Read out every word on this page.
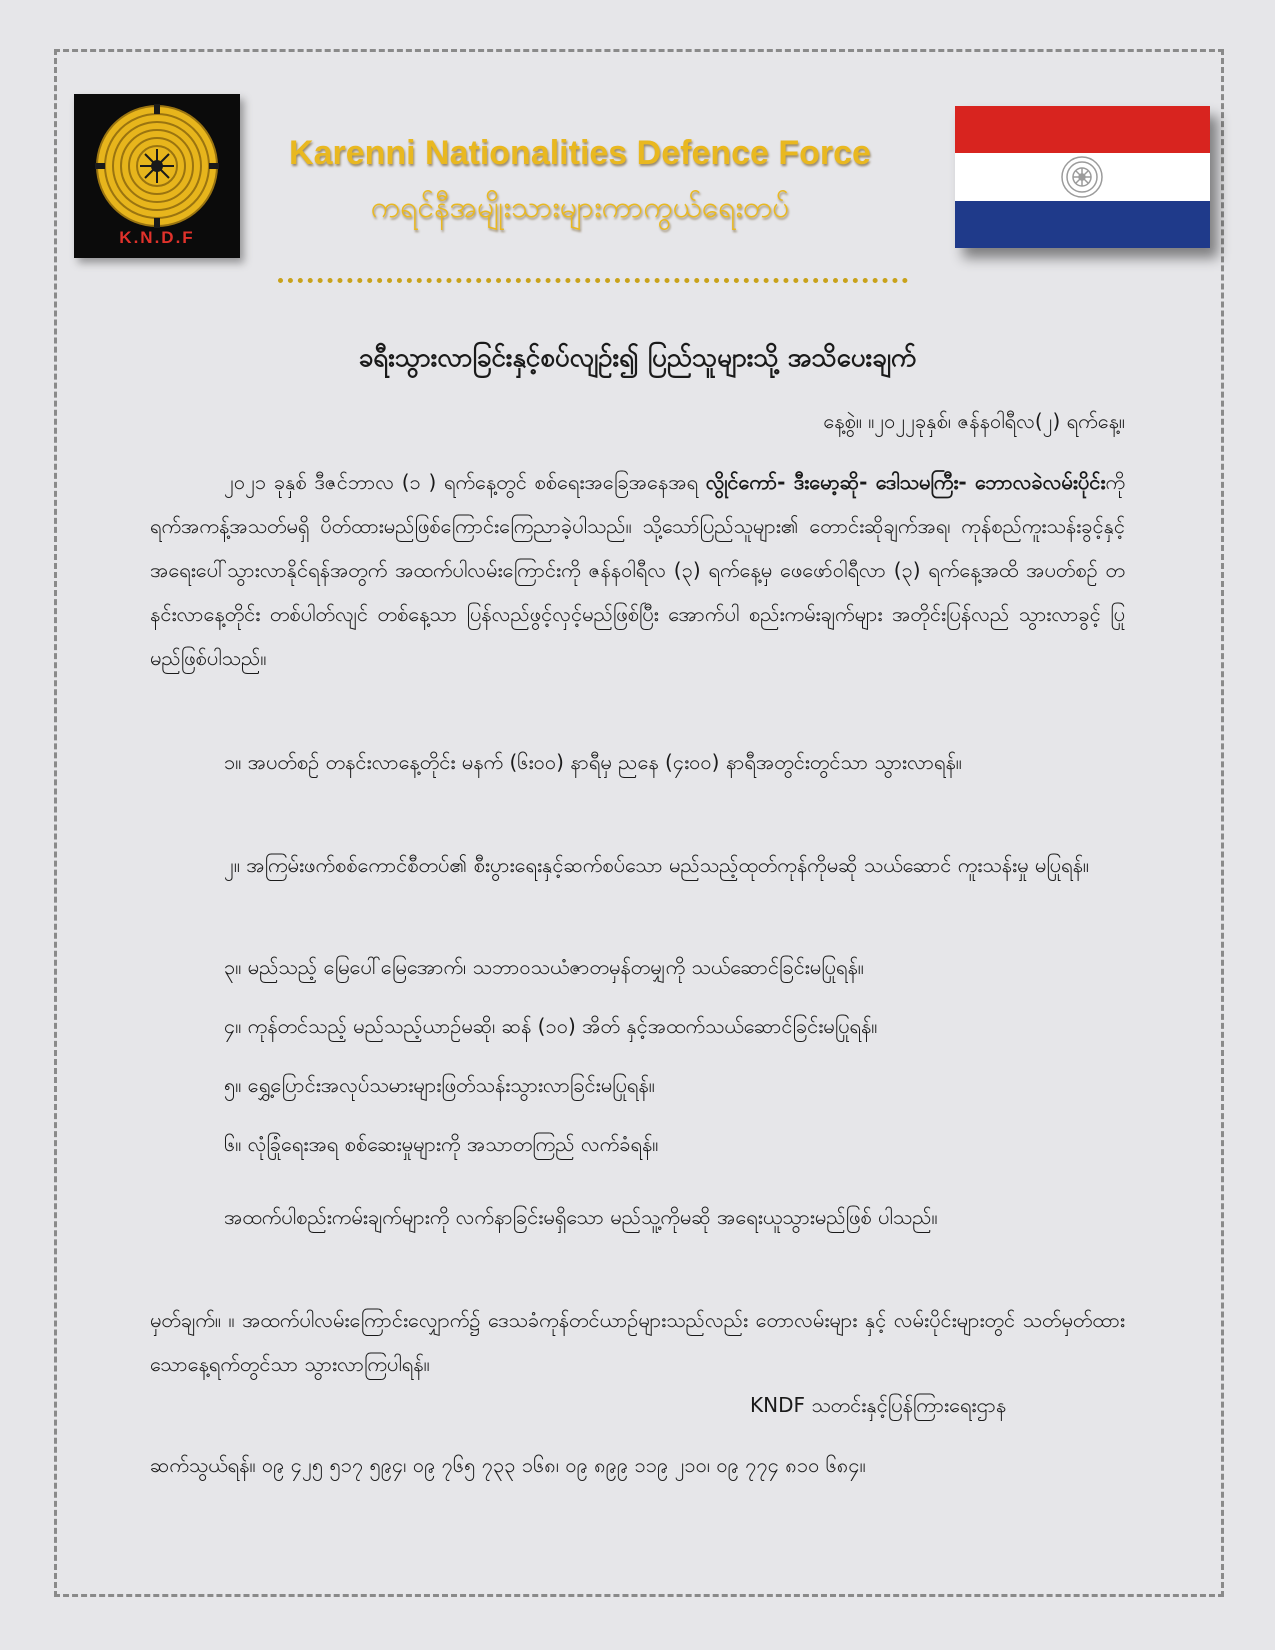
K.N.D.F
Karenni Nationalities Defence Force
ကရင်နီအမျိုးသားများကာကွယ်ရေးတပ်
ခရီးသွားလာခြင်းနှင့်စပ်လျဥ်း၍ ပြည်သူများသို့ အသိပေးချက်
နေ့စွဲ။ ။၂၀၂၂ခုနှစ်၊ ဇန်နဝါရီလ(၂) ရက်နေ့။
၂၀၂၁ ခုနှစ် ဒီဇင်ဘာလ (၁ ) ရက်နေ့တွင် စစ်ရေးအခြေအနေအရ လွိုင်ကော်- ဒီးမော့ဆို- ဒေါသမကြီး- ဘောလခဲလမ်းပိုင်းကို ရက်အကန့်အသတ်မရှိ ပိတ်ထားမည်ဖြစ်ကြောင်းကြေညာခဲ့ပါသည်။ သို့သော်ပြည်သူများ၏ တောင်းဆိုချက်အရ၊ ကုန်စည်ကူးသန်းခွင့်နှင့် အရေးပေါ်သွားလာနိုင်ရန်အတွက် အထက်ပါလမ်းကြောင်းကို ဇန်နဝါရီလ (၃) ရက်နေ့မှ ဖေဖော်ဝါရီလာ (၃) ရက်နေ့အထိ အပတ်စဥ် တနင်းလာနေ့တိုင်း တစ်ပါတ်လျင် တစ်နေ့သာ ပြန်လည်ဖွင့်လှင့်မည်ဖြစ်ပြီး အောက်ပါ စည်းကမ်းချက်များ အတိုင်းပြန်လည် သွားလာခွင့် ပြုမည်ဖြစ်ပါသည်။
၁။ အပတ်စဥ် တနင်းလာနေ့တိုင်း မနက် (၆း၀၀) နာရီမှ ညနေ (၄း၀၀) နာရီအတွင်းတွင်သာ သွားလာရန်။
၂။ အကြမ်းဖက်စစ်ကောင်စီတပ်၏ စီးပွားရေးနှင့်ဆက်စပ်သော မည်သည့်ထုတ်ကုန်ကိုမဆို သယ်ဆောင် ကူးသန်းမှု မပြုရန်။
၃။ မည်သည့် မြေပေါ်မြေအောက်၊ သဘာဝသယံဇာတမှန်တမျှကို သယ်ဆောင်ခြင်းမပြုရန်။
၄။ ကုန်တင်သည့် မည်သည့်ယာဥ်မဆို၊ ဆန် (၁၀) အိတ် နှင့်အထက်သယ်ဆောင်ခြင်းမပြုရန်။
၅။ ရွှေ့ပြောင်းအလုပ်သမားများဖြတ်သန်းသွားလာခြင်းမပြုရန်။
၆။ လုံခြုံရေးအရ စစ်ဆေးမှုများကို အသာတကြည် လက်ခံရန်။
အထက်ပါစည်းကမ်းချက်များကို လက်နာခြင်းမရှိသော မည်သူ့ကိုမဆို အရေးယူသွားမည်ဖြစ် ပါသည်။
မှတ်ချက်။ ။ အထက်ပါလမ်းကြောင်းလျှောက်၌ ဒေသခံကုန်တင်ယာဥ်များသည်လည်း တောလမ်းများ နှင့် လမ်းပိုင်းများတွင် သတ်မှတ်ထားသောနေ့ရက်တွင်သာ သွားလာကြပါရန်။
KNDF သတင်းနှင့်ပြန်ကြားရေးဌာန
ဆက်သွယ်ရန်။ ၀၉ ၄၂၅ ၅၁၇ ၅၉၄၊ ၀၉ ၇၆၅ ၇၃၃ ၁၆၈၊ ၀၉ ၈၉၉ ၁၁၉ ၂၁၀၊ ၀၉ ၇၇၄ ၈၁၀ ၆၈၄။
